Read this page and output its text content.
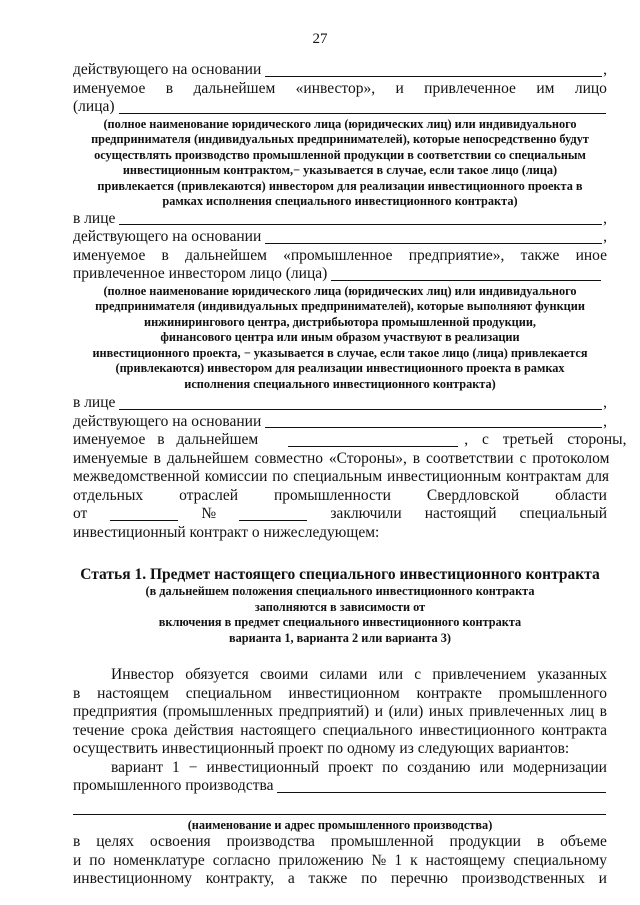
27
действующего на основании	,
именуемое в дальнейшем «инвестор», и привлеченное им лицо
(лица)
(полное наименование юридического лица (юридических лиц) или индивидуального
предпринимателя (индивидуальных предпринимателей), которые непосредственно будут
осуществлять производство промышленной продукции в соответствии со специальным
инвестиционным контрактом,− указывается в случае, если такое лицо (лица)
привлекается (привлекаются) инвестором для реализации инвестиционного проекта в
рамках исполнения специального инвестиционного контракта)
в лице	,
действующего на основании	,
именуемое в дальнейшем «промышленное предприятие», также иное
привлеченное инвестором лицо (лица)
(полное наименование юридического лица (юридических лиц) или индивидуального
предпринимателя (индивидуальных предпринимателей), которые выполняют функции
инжинирингового центра, дистрибьютора промышленной продукции,
финансового центра или иным образом участвуют в реализации
инвестиционного проекта, − указывается в случае, если такое лицо (лица) привлекается
(привлекаются) инвестором для реализации инвестиционного проекта в рамках
исполнения специального инвестиционного контракта)
в лице	,
действующего на основании	,
именуемое в дальнейшем	, с третьей стороны,
именуемые в дальнейшем совместно «Стороны», в соответствии с протоколом
межведомственной комиссии по специальным инвестиционным контрактам для
отдельных отраслей промышленности Свердловской области
от	№	заключили настоящий специальный
инвестиционный контракт о нижеследующем:
Статья 1. Предмет настоящего специального инвестиционного контракта
(в дальнейшем положения специального инвестиционного контракта
заполняются в зависимости от
включения в предмет специального инвестиционного контракта
варианта 1, варианта 2 или варианта 3)
Инвестор обязуется своими силами или с привлечением указанных
в настоящем специальном инвестиционном контракте промышленного
предприятия (промышленных предприятий) и (или) иных привлеченных лиц в
течение срока действия настоящего специального инвестиционного контракта
осуществить инвестиционный проект по одному из следующих вариантов:
вариант 1 − инвестиционный проект по созданию или модернизации
промышленного производства
(наименование и адрес промышленного производства)
в целях освоения производства промышленной продукции в объеме
и по номенклатуре согласно приложению № 1 к настоящему специальному
инвестиционному контракту, а также по перечню производственных и
